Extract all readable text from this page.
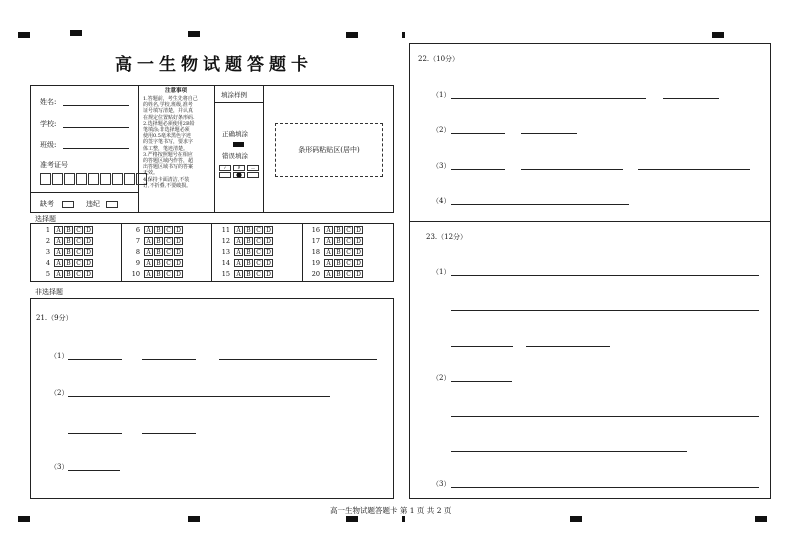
高一生物试题答题卡
姓名:
学校:
班级:
准考证号
缺考	违纪
注意事项
1.答题前，考生先将自己
的姓名,学校,班级,准考
证号填写清楚，并认真
在规定位置贴好条形码.
2.选择题必须使用2B铅
笔填涂;非选择题必须
使用0.5毫米黑色字迹
的签字笔书写，要求字
体工整，笔迹清楚。
3.严格按照题号在相应
的答题区域内作答，超
出答题区域书写的答案
无效。
4.保持卡面清洁,不装
订,不折叠,不要破损。
填涂样例
正确填涂
错误填涂
✓	✗	—
条形码粘贴区(居中)
选择题
1	A B C D
2	A B C D
3	A B C D
4	A B C D
5	A B C D
6	A B C D
7	A B C D
8	A B C D
9	A B C D
10	A B C D
11	A B C D
12	A B C D
13	A B C D
14	A B C D
15	A B C D
16	A B C D
17	A B C D
18	A B C D
19	A B C D
20	A B C D
非选择题
21.（9分）
（1）
（2）
（3）
22.（10分）
（1）
（2）
（3）
（4）
23.（12分）
（1）
（2）
（3）
高一生物试题答题卡 第 1 页 共 2 页
